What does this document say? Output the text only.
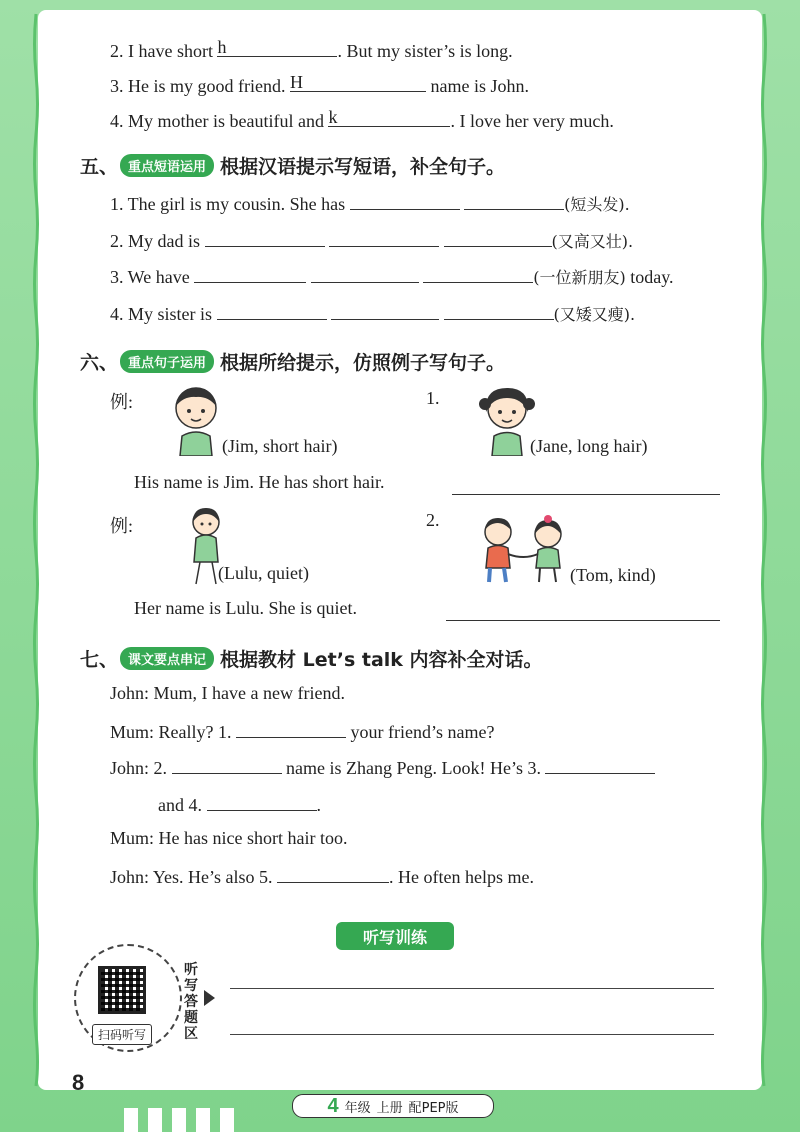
2. I have short h	. But my sister’s is long.
3. He is my good friend. H	name is John.
4. My mother is beautiful and k	. I love her very much.
五、 重点短语运用 根据汉语提示写短语，补全句子。
1. The girl is my cousin. She has	(短头发).
2. My dad is	(又高又壮).
3. We have	(一位新朋友) today.
4. My sister is	(又矮又瘦).
六、 重点句子运用 根据所给提示，仿照例子写句子。
例:
(Jim, short hair)
His name is Jim. He has short hair.
1.
(Jane, long hair)
例:
(Lulu, quiet)
Her name is Lulu. She is quiet.
2.
(Tom, kind)
七、 课文要点串记 根据教材 Let’s talk 内容补全对话。
John: Mum, I have a new friend.
Mum: Really? 1.	your friend’s name?
John: 2.	name is Zhang Peng. Look! He’s 3.
and 4.	.
Mum: He has nice short hair too.
John: Yes. He’s also 5.	. He often helps me.
听写训练
扫码听写
听写答题区
8
4 年级 上册 配PEP版
